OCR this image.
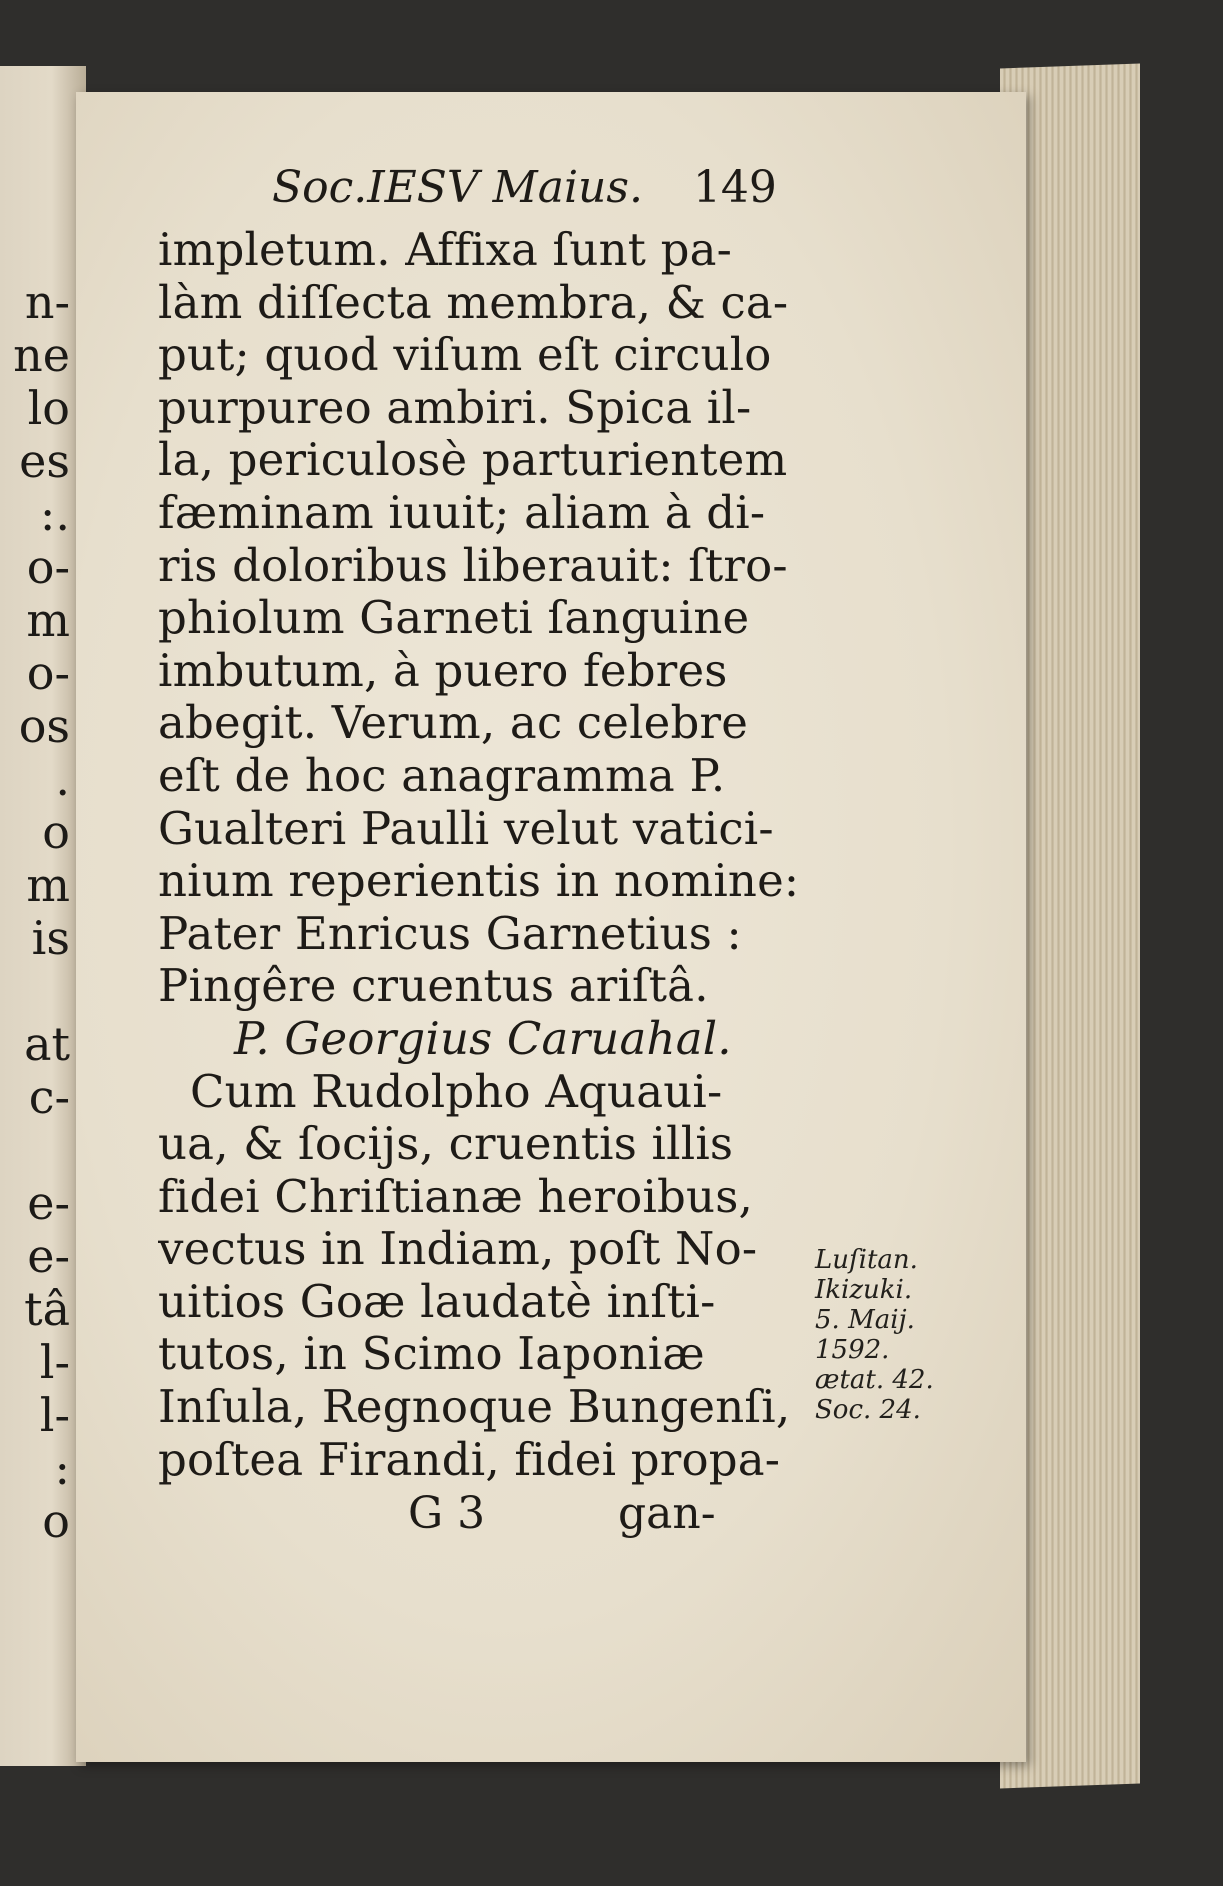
n-
ne
lo
es
:.
o-
m
o-
os
.
o
m
is
at
c-
e-
e-
tâ
l-
l-
:
o
Soc.IESV Maius. 149
impletum. Affixa ſunt pa-
làm diſſecta membra, & ca-
put; quod viſum eſt circulo
purpureo ambiri. Spica il-
la, periculosè parturientem
fæminam iuuit; aliam à di-
ris doloribus liberauit: ſtro-
phiolum Garneti ſanguine
imbutum, à puero febres
abegit. Verum, ac celebre
eſt de hoc anagramma P.
Gualteri Paulli velut vatici-
nium reperientis in nomine:
Pater Enricus Garnetius :
Pingêre cruentus ariſtâ.
P. Georgius Caruahal.
Cum Rudolpho Aquaui-
ua, & ſocijs, cruentis illis
fidei Chriſtianæ heroibus,
vectus in Indiam, poſt No-
uitios Goæ laudatè inſti-
tutos, in Scimo Iaponiæ
Inſula, Regnoque Bungenſi,
poſtea Firandi, fidei propa-
G 3	gan-
Luſitan.
Ikizuki.
5. Maij.
1592.
ætat. 42.
Soc. 24.
